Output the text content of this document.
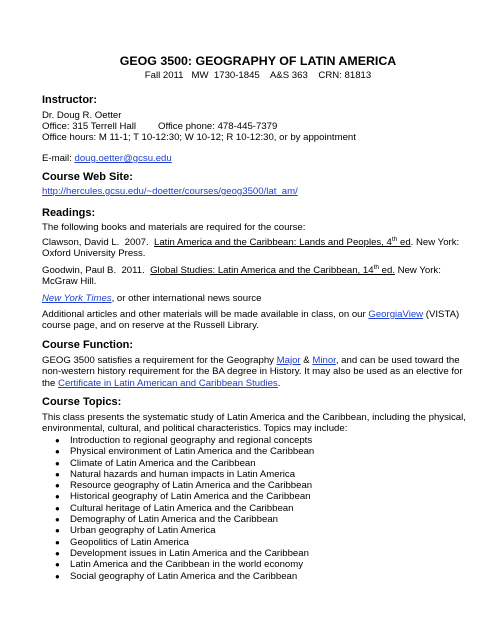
GEOG 3500: GEOGRAPHY OF LATIN AMERICA
Fall 2011   MW  1730-1845    A&S 363    CRN: 81813
Instructor:
Dr. Doug R. Oetter
Office: 315 Terrell Hall Office phone: 478-445-7379
Office hours: M 11-1; T 10-12:30; W 10-12; R 10-12:30, or by appointment
E-mail: doug.oetter@gcsu.edu
Course Web Site:
http://hercules.gcsu.edu/~doetter/courses/geog3500/lat_am/
Readings:
The following books and materials are required for the course:
Clawson, David L.  2007.  Latin America and the Caribbean: Lands and Peoples, 4th ed. New York: Oxford University Press.
Goodwin, Paul B.  2011.  Global Studies: Latin America and the Caribbean, 14th ed. New York: McGraw Hill.
New York Times, or other international news source
Additional articles and other materials will be made available in class, on our GeorgiaView (VISTA) course page, and on reserve at the Russell Library.
Course Function:
GEOG 3500 satisfies a requirement for the Geography Major & Minor, and can be used toward the non-western history requirement for the BA degree in History. It may also be used as an elective for the Certificate in Latin American and Caribbean Studies.
Course Topics:
This class presents the systematic study of Latin America and the Caribbean, including the physical, environmental, cultural, and political characteristics. Topics may include:
● Introduction to regional geography and regional concepts
● Physical environment of Latin America and the Caribbean
● Climate of Latin America and the Caribbean
● Natural hazards and human impacts in Latin America
● Resource geography of Latin America and the Caribbean
● Historical geography of Latin America and the Caribbean
● Cultural heritage of Latin America and the Caribbean
● Demography of Latin America and the Caribbean
● Urban geography of Latin America
● Geopolitics of Latin America
● Development issues in Latin America and the Caribbean
● Latin America and the Caribbean in the world economy
● Social geography of Latin America and the Caribbean
